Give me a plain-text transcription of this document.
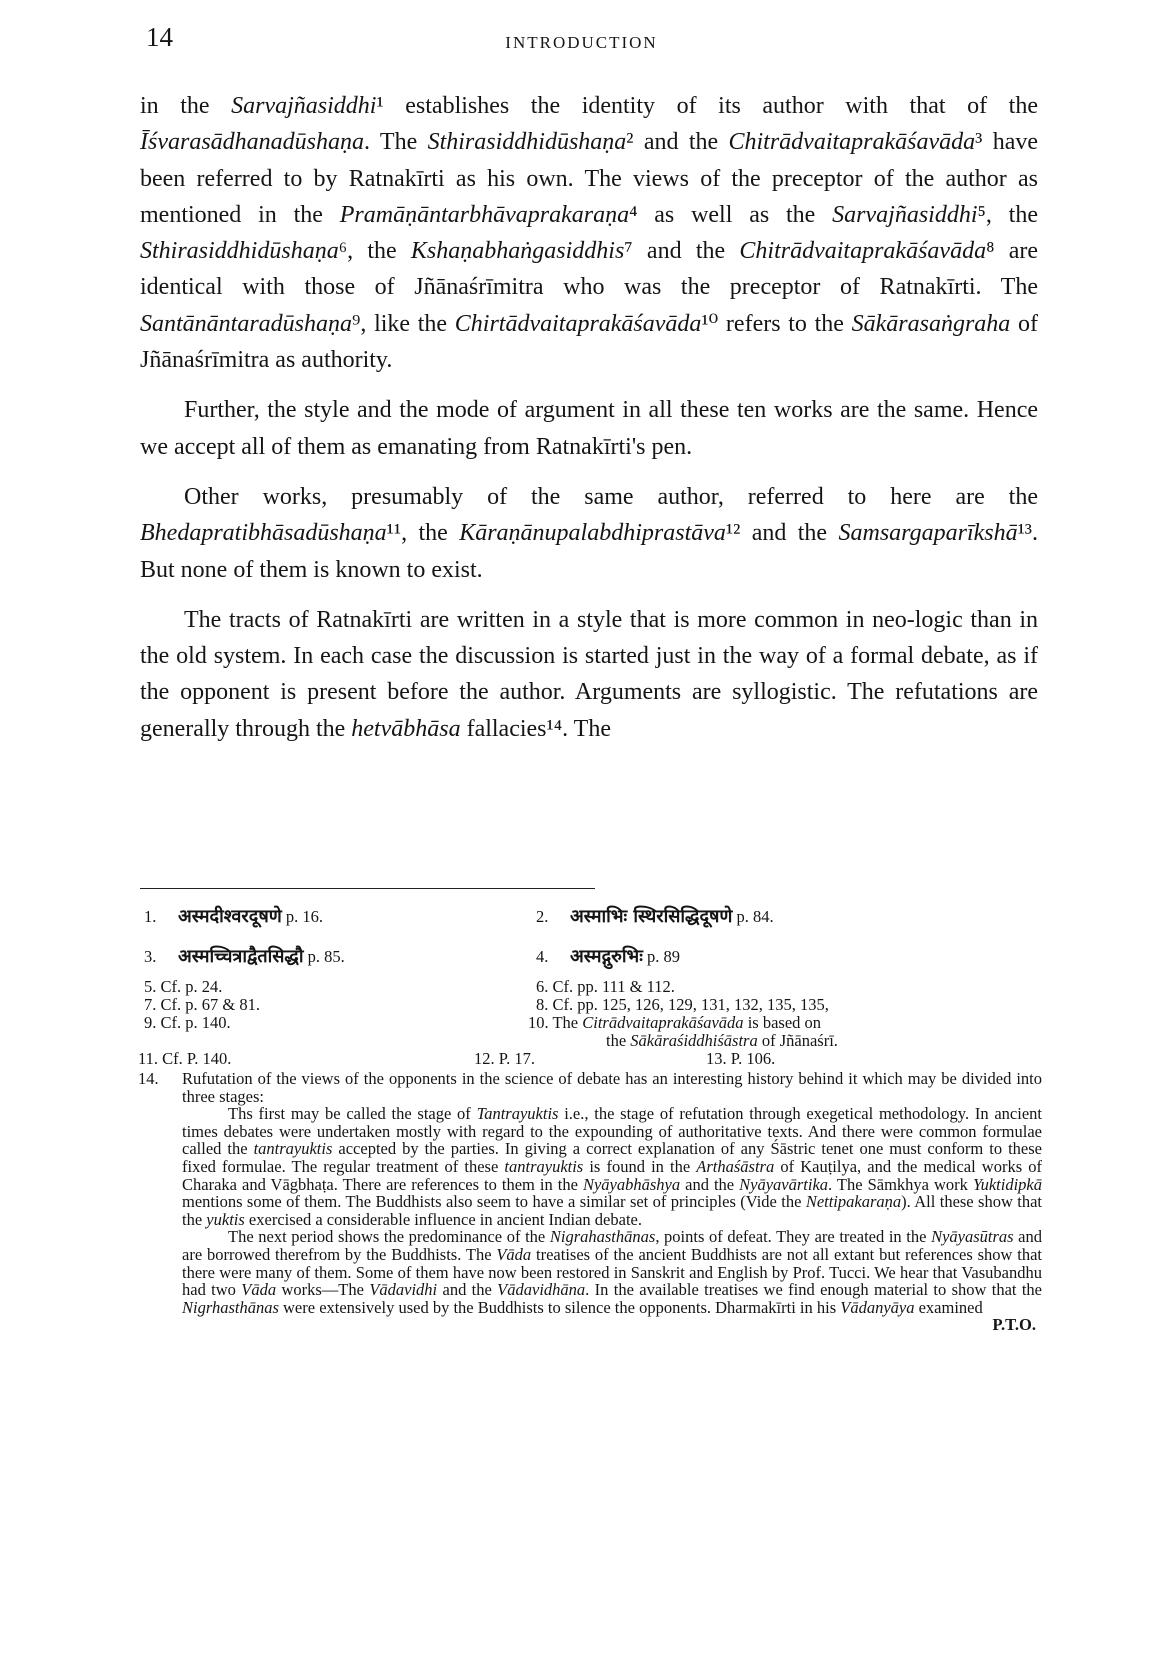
14	INTRODUCTION

in the Sarvajñasiddhi¹ establishes the identity of its author with that of the Īśvarasādhanadūshaṇa. The Sthirasiddhidūshaṇa² and the Chitrādvaitaprakāśavāda³ have been referred to by Ratnakīrti as his own. The views of the preceptor of the author as mentioned in the Pramāṇāntarbhāvaprakaraṇa⁴ as well as the Sarvajñasiddhi⁵, the Sthirasiddhidūshaṇa⁶, the Kshaṇabhaṅgasiddhis⁷ and the Chitrādvaitaprakāśavāda⁸ are identical with those of Jñānaśrīmitra who was the preceptor of Ratnakīrti. The Santānāntaradūshaṇa⁹, like the Chirtādvaitaprakāśavāda¹⁰ refers to the Sākārasaṅgraha of Jñānaśrīmitra as authority.

Further, the style and the mode of argument in all these ten works are the same. Hence we accept all of them as emanating from Ratnakīrti's pen.

Other works, presumably of the same author, referred to here are the Bhedapratibhāsadūshaṇa¹¹, the Kāraṇānupalabdhiprastāva¹² and the Samsargaparīkshā¹³. But none of them is known to exist.

The tracts of Ratnakīrti are written in a style that is more common in neo-logic than in the old system. In each case the discussion is started just in the way of a formal debate, as if the opponent is present before the author. Arguments are syllogistic. The refutations are generally through the hetvābhāsa fallacies¹⁴. The

1. अस्मदीश्वरदूषणे p. 16.	2. अस्माभिः स्थिरसिद्धिदूषणे p. 84.
3. अस्मच्चित्राद्वैतसिद्धौ p. 85.	4. अस्मद्गुरुभिः p. 89
5. Cf. p. 24.	6. Cf. pp. 111 & 112.
7. Cf. p. 67 & 81.	8. Cf. pp. 125, 126, 129, 131, 132, 135, 135,
9. Cf. p. 140.	10. The Citrādvaitaprakāśavāda is based on
the Sākāraśiddhiśāstra of Jñānaśrī.
11. Cf. P. 140.	12. P. 17.	13. P. 106.
14. Rufutation of the views of the opponents in the science of debate has an interesting history behind it which may be divided into three stages:

Ths first may be called the stage of Tantrayuktis i.e., the stage of refutation through exegetical methodology. In ancient times debates were undertaken mostly with regard to the expounding of authoritative texts. And there were common formulae called the tantrayuktis accepted by the parties. In giving a correct explanation of any Śāstric tenet one must conform to these fixed formulae. The regular treatment of these tantrayuktis is found in the Arthaśāstra of Kauṭilya, and the medical works of Charaka and Vāgbhaṭa. There are references to them in the Nyāyabhāshya and the Nyāyavārtika. The Sāmkhya work Yuktidipkā mentions some of them. The Buddhists also seem to have a similar set of principles (Vide the Nettipakaraṇa). All these show that the yuktis exercised a considerable influence in ancient Indian debate.

The next period shows the predominance of the Nigrahasthānas, points of defeat. They are treated in the Nyāyasūtras and are borrowed therefrom by the Buddhists. The Vāda treatises of the ancient Buddhists are not all extant but references show that there were many of them. Some of them have now been restored in Sanskrit and English by Prof. Tucci. We hear that Vasubandhu had two Vāda works—The Vādavidhi and the Vādavidhāna. In the available treatises we find enough material to show that the Nigrhasthānas were extensively used by the Buddhists to silence the opponents. Dharmakīrti in his Vādanyāya examined

P.T.O.
